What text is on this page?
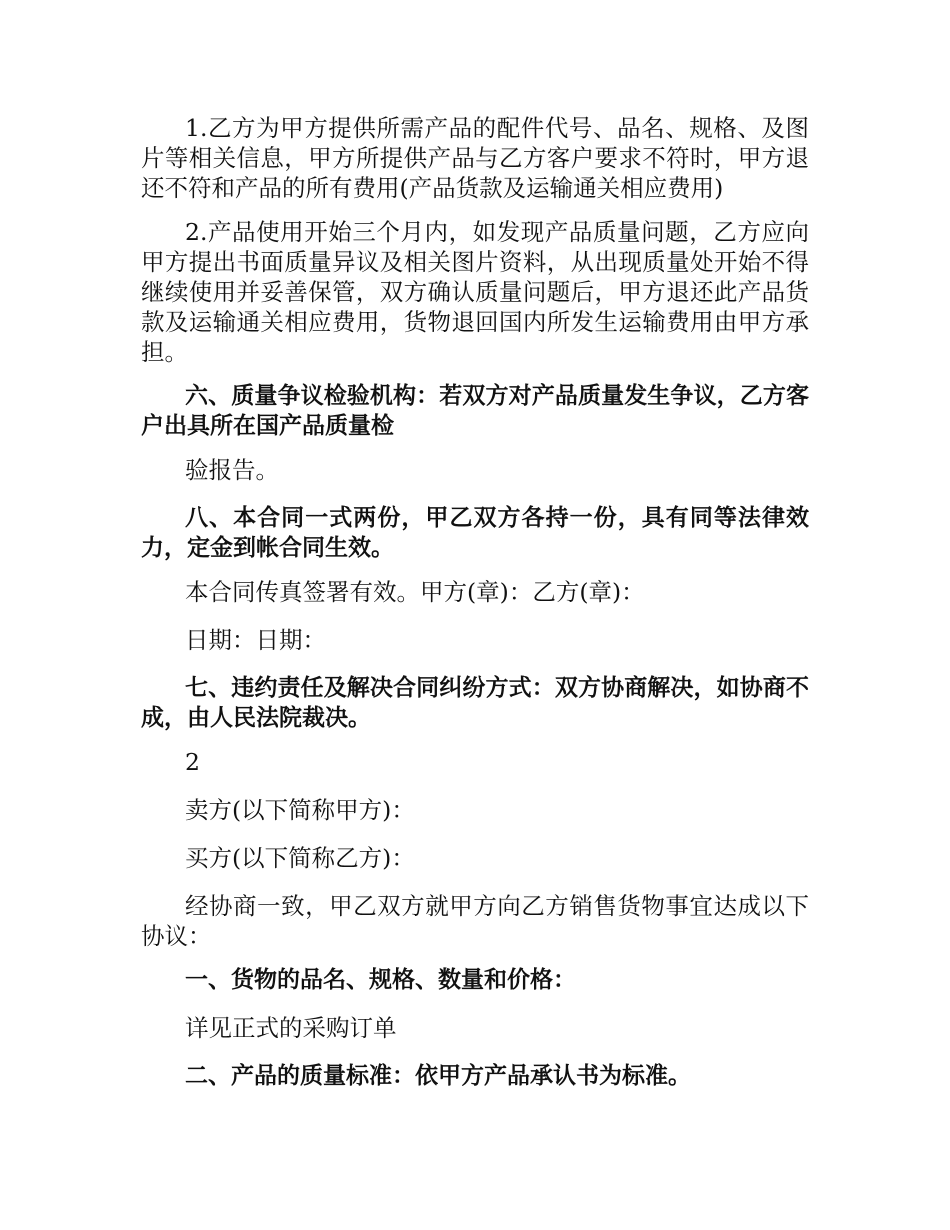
1.乙方为甲方提供所需产品的配件代号、品名、规格、及图片等相关信息，甲方所提供产品与乙方客户要求不符时，甲方退还不符和产品的所有费用(产品货款及运输通关相应费用)

2.产品使用开始三个月内，如发现产品质量问题，乙方应向甲方提出书面质量异议及相关图片资料，从出现质量处开始不得继续使用并妥善保管，双方确认质量问题后，甲方退还此产品货款及运输通关相应费用，货物退回国内所发生运输费用由甲方承担。

六、质量争议检验机构：若双方对产品质量发生争议，乙方客户出具所在国产品质量检

验报告。

八、本合同一式两份，甲乙双方各持一份，具有同等法律效力，定金到帐合同生效。

本合同传真签署有效。甲方(章)：乙方(章)：

日期：日期：

七、违约责任及解决合同纠纷方式：双方协商解决，如协商不成，由人民法院裁决。

2

卖方(以下简称甲方)：

买方(以下简称乙方)：

经协商一致，甲乙双方就甲方向乙方销售货物事宜达成以下协议：

一、货物的品名、规格、数量和价格：

详见正式的采购订单

二、产品的质量标准：依甲方产品承认书为标准。
